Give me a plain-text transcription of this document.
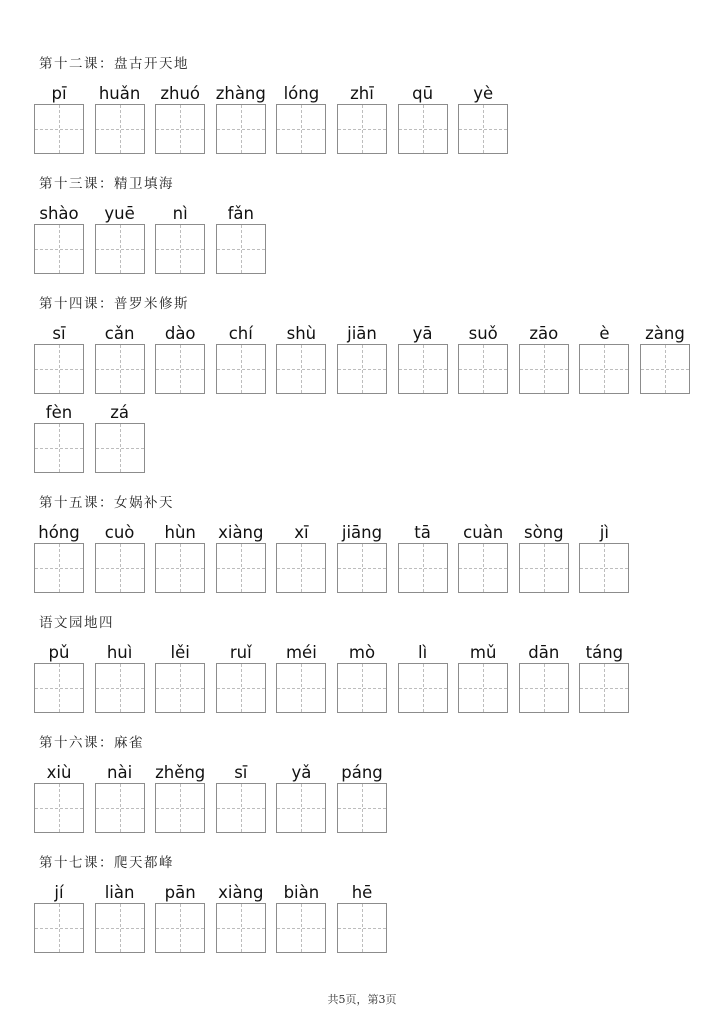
第十二课：盘古开天地
pī	huǎn	zhuó zhàng	lóng	zhī	qū	yè
第十三课：精卫填海
shào	yuē	nì	fǎn
第十四课：普罗米修斯
sī	cǎn	dào	chí	shù	jiān	yā	suǒ	zāo	è	zàng
fèn	zá
第十五课：女娲补天
hóng	cuò	hùn	xiàng	xī	jiāng	tā	cuàn	sòng	jì
语文园地四
pǔ	huì	lěi	ruǐ	méi	mò	lì	mǔ	dān	táng
第十六课：麻雀
xiù	nài	zhěng	sī	yǎ	páng
第十七课：爬天都峰
jí	liàn	pān	xiàng	biàn	hē
共5页，第3页
